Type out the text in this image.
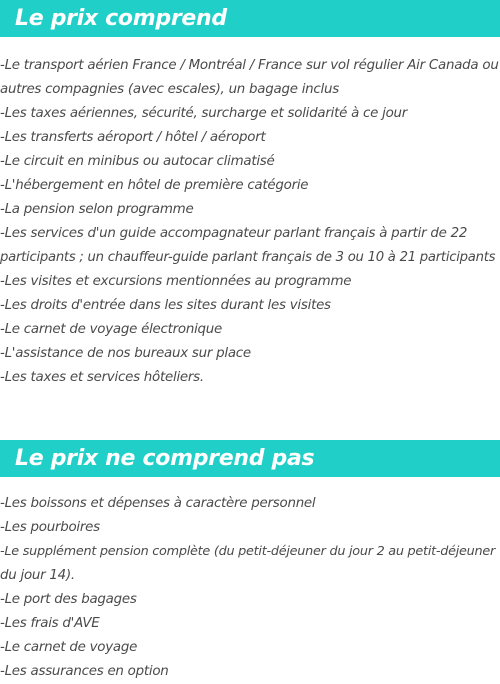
Le prix comprend
-Le transport aérien France / Montréal / France sur vol régulier Air Canada ou
autres compagnies (avec escales), un bagage inclus
-Les taxes aériennes, sécurité, surcharge et solidarité à ce jour
-Les transferts aéroport / hôtel / aéroport
-Le circuit en minibus ou autocar climatisé
-L'hébergement en hôtel de première catégorie
-La pension selon programme
-Les services d'un guide accompagnateur parlant français à partir de 22
participants ; un chauffeur-guide parlant français de 3 ou 10 à 21 participants
-Les visites et excursions mentionnées au programme
-Les droits d'entrée dans les sites durant les visites
-Le carnet de voyage électronique
-L'assistance de nos bureaux sur place
-Les taxes et services hôteliers.
Le prix ne comprend pas
-Les boissons et dépenses à caractère personnel
-Les pourboires
-Le supplément pension complète (du petit-déjeuner du jour 2 au petit-déjeuner
du jour 14).
-Le port des bagages
-Les frais d'AVE
-Le carnet de voyage
-Les assurances en option
